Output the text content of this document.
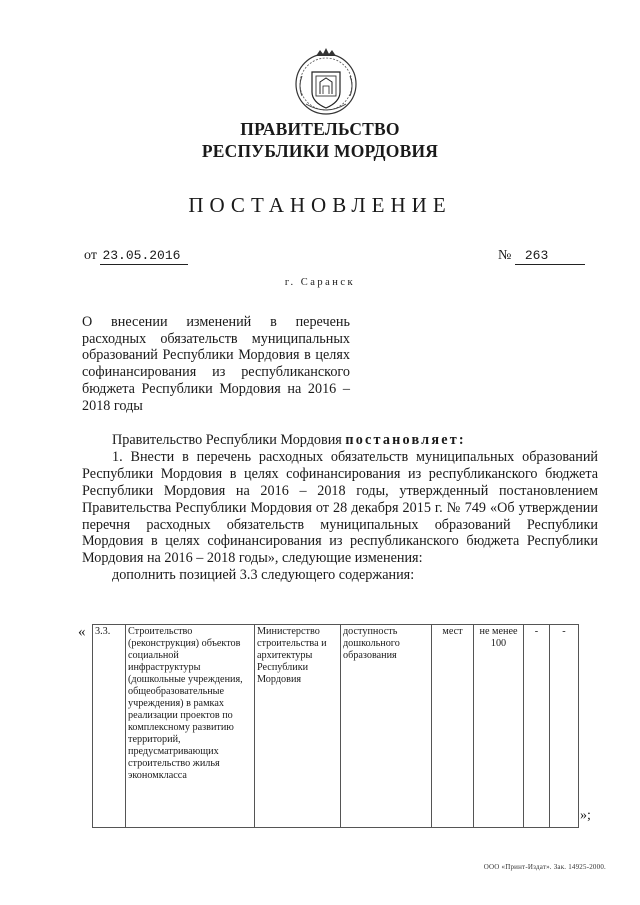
ПРАВИТЕЛЬСТВО
РЕСПУБЛИКИ МОРДОВИЯ
ПОСТАНОВЛЕНИЕ
от 23.05.2016	№ 263
г. Саранск
О внесении изменений в перечень расходных обязательств муниципальных образований Республики Мордовия в целях софинансирования из республиканского бюджета Республики Мордовия на 2016 – 2018 годы

Правительство Республики Мордовия постановляет:

1. Внести в перечень расходных обязательств муниципальных образований Республики Мордовия в целях софинансирования из республиканского бюджета Республики Мордовия на 2016 – 2018 годы, утвержденный постановлением Правительства Республики Мордовия от 28 декабря 2015 г. № 749 «Об утверждении перечня расходных обязательств муниципальных образований Республики Мордовия в целях софинансирования из республиканского бюджета Республики Мордовия на 2016 – 2018 годы», следующие изменения:

дополнить позицией 3.3 следующего содержания:

« 3.3.	Строительство (реконструкция) объектов социальной инфраструктуры (дошкольные учреждения, общеобразовательные учреждения) в рамках реализации проектов по комплексному развитию территорий, предусматривающих строительство жилья экономкласса	Министерство строительства и архитектуры Республики Мордовия	доступность дошкольного образования	мест	не менее 100	-	-
»;
ООО «Принт-Издат». Зак. 14925-2000.
